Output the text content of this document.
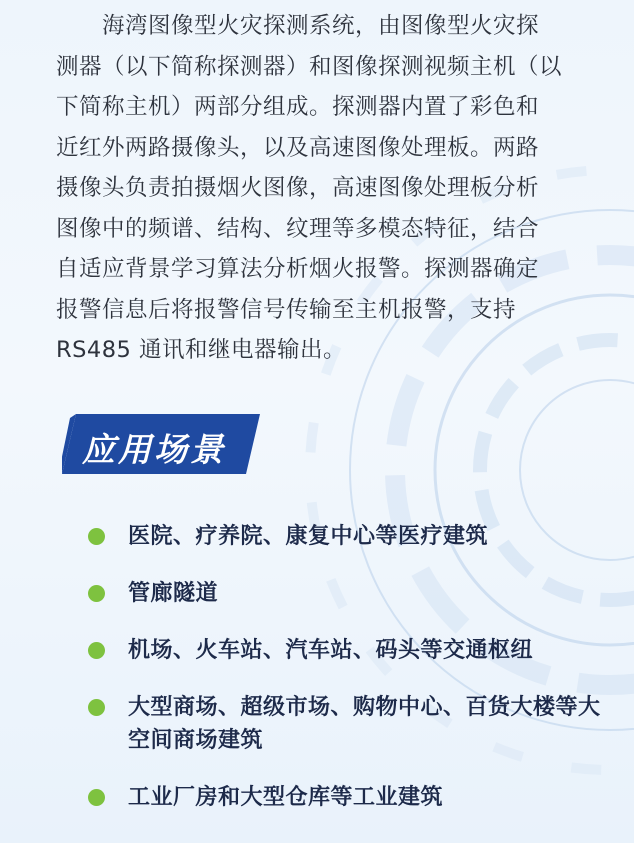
　　海湾图像型火灾探测系统，由图像型火灾探
测器（以下简称探测器）和图像探测视频主机（以
下简称主机）两部分组成。探测器内置了彩色和
近红外两路摄像头，以及高速图像处理板。两路
摄像头负责拍摄烟火图像，高速图像处理板分析
图像中的频谱、结构、纹理等多模态特征，结合
自适应背景学习算法分析烟火报警。探测器确定
报警信息后将报警信号传输至主机报警，支持
RS485 通讯和继电器输出。
应用场景
医院、疗养院、康复中心等医疗建筑
管廊隧道
机场、火车站、汽车站、码头等交通枢纽
大型商场、超级市场、购物中心、百货大楼等大空间商场建筑
工业厂房和大型仓库等工业建筑
